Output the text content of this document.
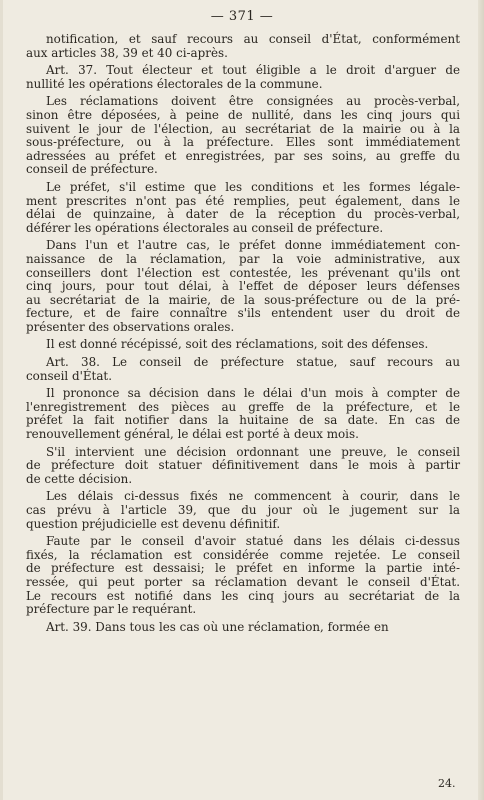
— 371 —
notification, et sauf recours au conseil d'État, conformément
aux articles 38, 39 et 40 ci-après.
Art. 37. Tout électeur et tout éligible a le droit d'arguer de
nullité les opérations électorales de la commune.
Les réclamations doivent être consignées au procès-verbal,
sinon être déposées, à peine de nullité, dans les cinq jours qui
suivent le jour de l'élection, au secrétariat de la mairie ou à la
sous-préfecture, ou à la préfecture. Elles sont immédiatement
adressées au préfet et enregistrées, par ses soins, au greffe du
conseil de préfecture.
Le préfet, s'il estime que les conditions et les formes légale-
ment prescrites n'ont pas été remplies, peut également, dans le
délai de quinzaine, à dater de la réception du procès-verbal,
déférer les opérations électorales au conseil de préfecture.
Dans l'un et l'autre cas, le préfet donne immédiatement con-
naissance de la réclamation, par la voie administrative, aux
conseillers dont l'élection est contestée, les prévenant qu'ils ont
cinq jours, pour tout délai, à l'effet de déposer leurs défenses
au secrétariat de la mairie, de la sous-préfecture ou de la pré-
fecture, et de faire connaître s'ils entendent user du droit de
présenter des observations orales.
Il est donné récépissé, soit des réclamations, soit des défenses.
Art. 38. Le conseil de préfecture statue, sauf recours au
conseil d'État.
Il prononce sa décision dans le délai d'un mois à compter de
l'enregistrement des pièces au greffe de la préfecture, et le
préfet la fait notifier dans la huitaine de sa date. En cas de
renouvellement général, le délai est porté à deux mois.
S'il intervient une décision ordonnant une preuve, le conseil
de préfecture doit statuer définitivement dans le mois à partir
de cette décision.
Les délais ci-dessus fixés ne commencent à courir, dans le
cas prévu à l'article 39, que du jour où le jugement sur la
question préjudicielle est devenu définitif.
Faute par le conseil d'avoir statué dans les délais ci-dessus
fixés, la réclamation est considérée comme rejetée. Le conseil
de préfecture est dessaisi; le préfet en informe la partie inté-
ressée, qui peut porter sa réclamation devant le conseil d'État.
Le recours est notifié dans les cinq jours au secrétariat de la
préfecture par le requérant.
Art. 39. Dans tous les cas où une réclamation, formée en
24.
